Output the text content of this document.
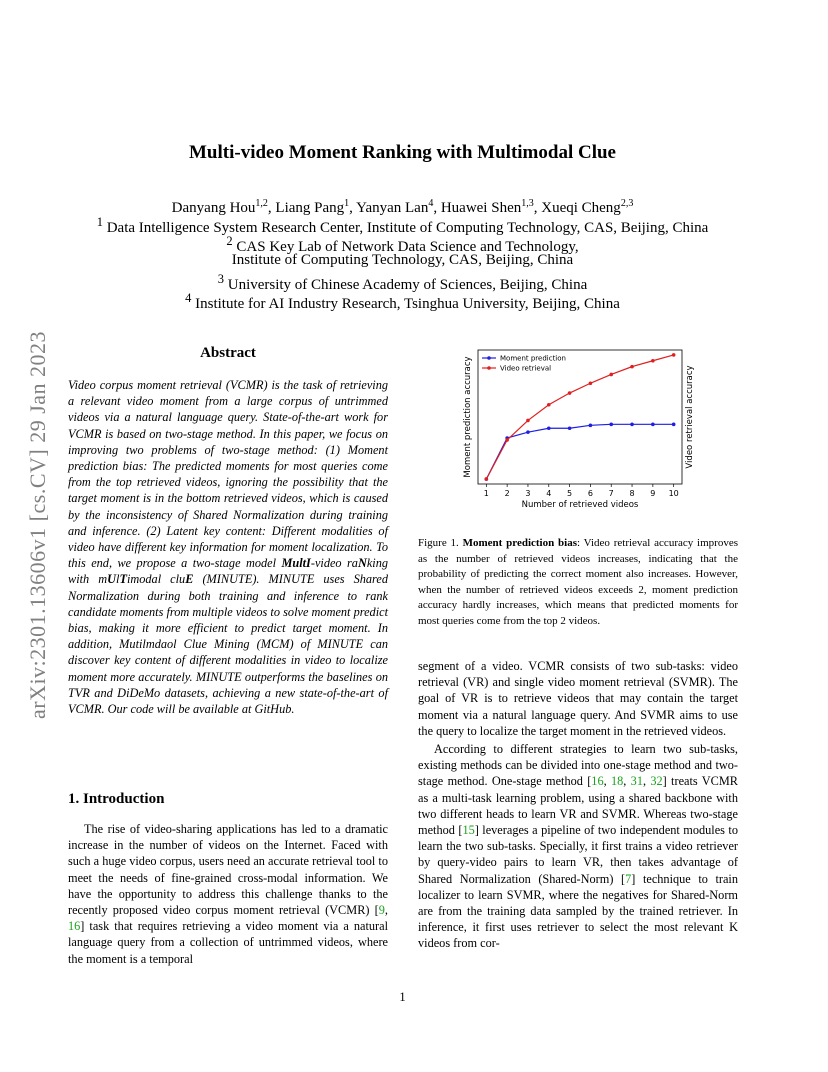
arXiv:2301.13606v1 [cs.CV] 29 Jan 2023
Multi-video Moment Ranking with Multimodal Clue
Danyang Hou$^{1,2}$, Liang Pang$^1$, Yanyan Lan$^4$, Huawei Shen$^{1,3}$, Xueqi Cheng$^{2,3}$
$^1$ Data Intelligence System Research Center, Institute of Computing Technology, CAS, Beijing, China
$^2$ CAS Key Lab of Network Data Science and Technology,
Institute of Computing Technology, CAS, Beijing, China
$^3$ University of Chinese Academy of Sciences, Beijing, China
$^4$ Institute for AI Industry Research, Tsinghua University, Beijing, China
Abstract
Video corpus moment retrieval (VCMR) is the task of retrieving a relevant video moment from a large corpus of untrimmed videos via a natural language query. State-of-the-art work for VCMR is based on two-stage method. In this paper, we focus on improving two problems of two-stage method: (1) Moment prediction bias: The predicted moments for most queries come from the top retrieved videos, ignoring the possibility that the target moment is in the bottom retrieved videos, which is caused by the inconsistency of Shared Normalization during training and inference. (2) Latent key content: Different modalities of video have different key information for moment localization. To this end, we propose a two-stage model MultI-video raNking with mUlTimodal cluE (MINUTE). MINUTE uses Shared Normalization during both training and inference to rank candidate moments from multiple videos to solve moment predict bias, making it more efficient to predict target moment. In addition, Mutilmdaol Clue Mining (MCM) of MINUTE can discover key content of different modalities in video to localize moment more accurately. MINUTE outperforms the baselines on TVR and DiDeMo datasets, achieving a new state-of-the-art of VCMR. Our code will be available at GitHub.
1. Introduction

The rise of video-sharing applications has led to a dramatic increase in the number of videos on the Internet. Faced with such a huge video corpus, users need an accurate retrieval tool to meet the needs of fine-grained cross-modal information. We have the opportunity to address this challenge thanks to the recently proposed video corpus moment retrieval (VCMR) [9, 16] task that requires retrieving a video moment via a natural language query from a collection of untrimmed videos, where the moment is a temporal

1 2 3 4 5 6 7 8 9 10
Number of retrieved videos
Moment prediction accuracy	Video retrieval accuracy
Moment prediction
Video retrieval
Figure 1. Moment prediction bias: Video retrieval accuracy improves as the number of retrieved videos increases, indicating that the probability of predicting the correct moment also increases. However, when the number of retrieved videos exceeds 2, moment prediction accuracy hardly increases, which means that predicted moments for most queries come from the top 2 videos.

segment of a video. VCMR consists of two sub-tasks: video retrieval (VR) and single video moment retrieval (SVMR). The goal of VR is to retrieve videos that may contain the target moment via a natural language query. And SVMR aims to use the query to localize the target moment in the retrieved videos.

According to different strategies to learn two sub-tasks, existing methods can be divided into one-stage method and two-stage method. One-stage method [16, 18, 31, 32] treats VCMR as a multi-task learning problem, using a shared backbone with two different heads to learn VR and SVMR. Whereas two-stage method [15] leverages a pipeline of two independent modules to learn the two sub-tasks. Specially, it first trains a video retriever by query-video pairs to learn VR, then takes advantage of Shared Normalization (Shared-Norm) [7] technique to train localizer to learn SVMR, where the negatives for Shared-Norm are from the training data sampled by the trained retriever. In inference, it first uses retriever to select the most relevant K videos from cor-

1
